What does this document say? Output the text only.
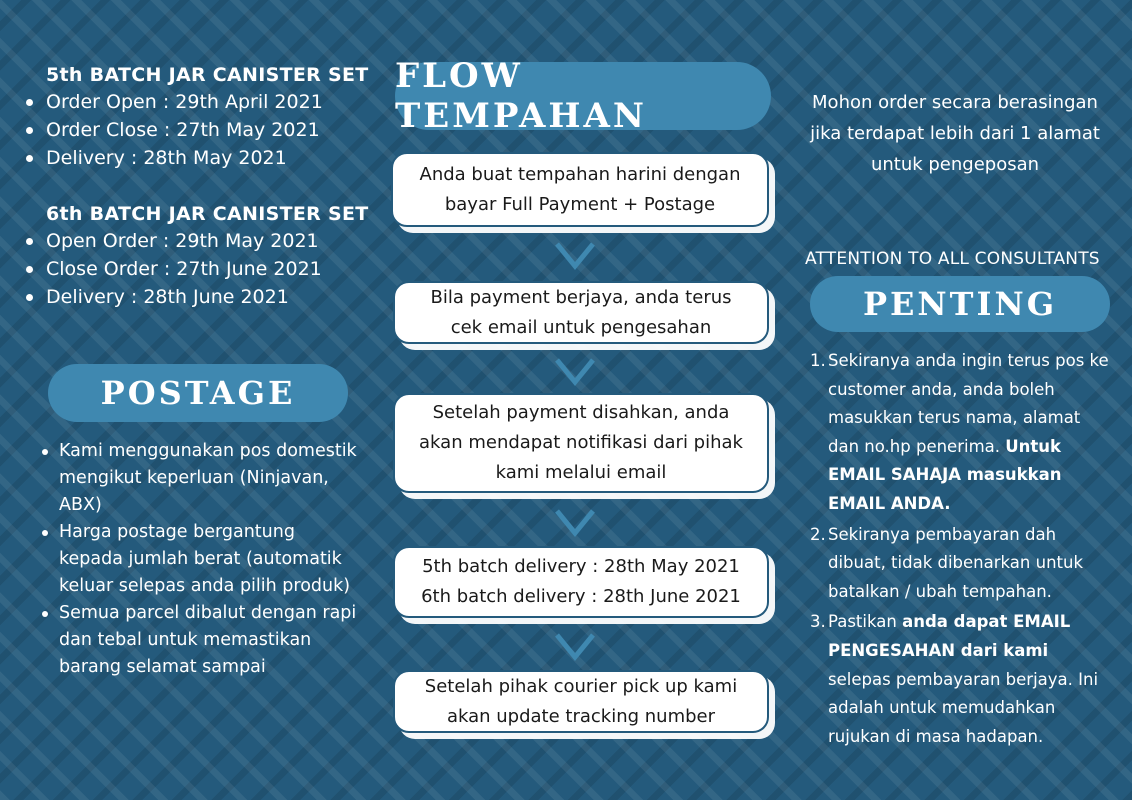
5th BATCH JAR CANISTER SET
Order Open : 29th April 2021
Order Close : 27th May 2021
Delivery : 28th May 2021
6th BATCH JAR CANISTER SET
Open Order : 29th May 2021
Close Order : 27th June 2021
Delivery : 28th June 2021
POSTAGE
Kami menggunakan pos domestik mengikut keperluan (Ninjavan, ABX)
Harga postage bergantung kepada jumlah berat (automatik keluar selepas anda pilih produk)
Semua parcel dibalut dengan rapi dan tebal untuk memastikan barang selamat sampai
FLOW TEMPAHAN
Anda buat tempahan harini dengan
bayar Full Payment + Postage
Bila payment berjaya, anda terus
cek email untuk pengesahan
Setelah payment disahkan, anda
akan mendapat notifikasi dari pihak
kami melalui email
5th batch delivery : 28th May 2021
6th batch delivery : 28th June 2021
Setelah pihak courier pick up kami
akan update tracking number
Mohon order secara berasingan
jika terdapat lebih dari 1 alamat
untuk pengeposan
ATTENTION TO ALL CONSULTANTS
PENTING
1. Sekiranya anda ingin terus pos ke customer anda, anda boleh masukkan terus nama, alamat dan no.hp penerima. Untuk EMAIL SAHAJA masukkan EMAIL ANDA.
2. Sekiranya pembayaran dah dibuat, tidak dibenarkan untuk batalkan / ubah tempahan.
3. Pastikan anda dapat EMAIL PENGESAHAN dari kami selepas pembayaran berjaya. Ini adalah untuk memudahkan rujukan di masa hadapan.
